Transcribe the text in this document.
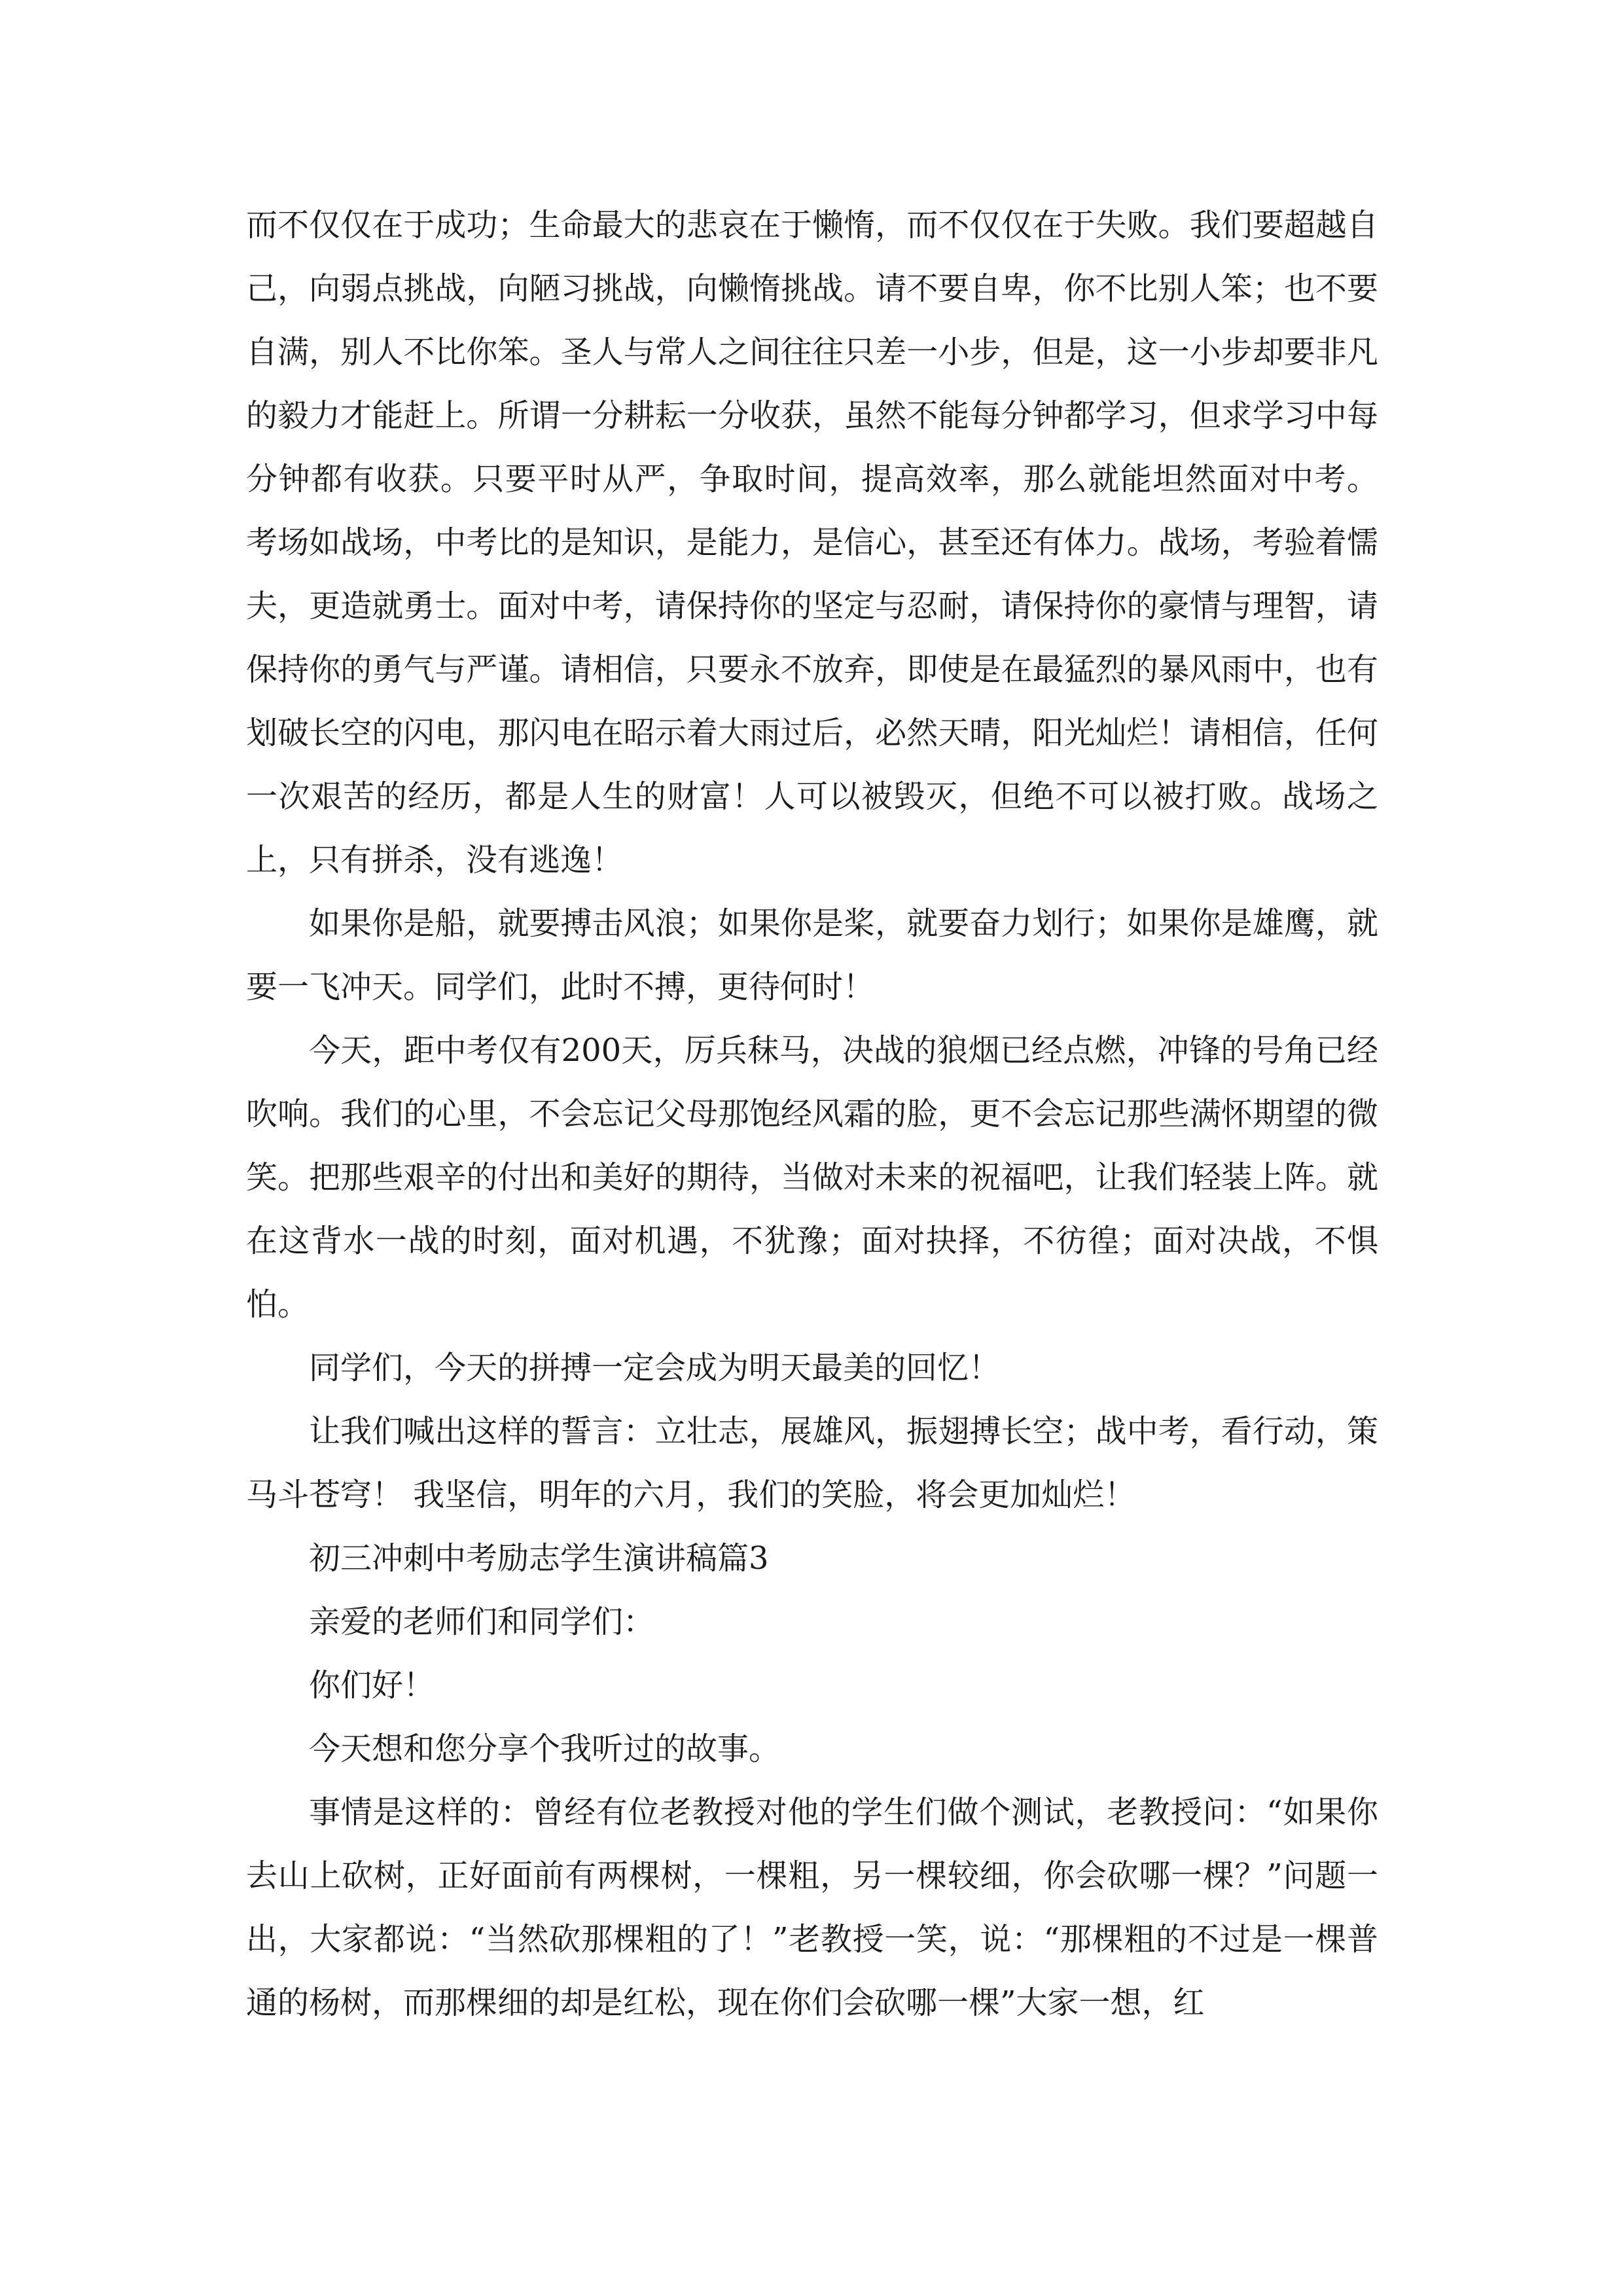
而不仅仅在于成功；生命最大的悲哀在于懒惰，而不仅仅在于失败。我们要超越自己，向弱点挑战，向陋习挑战，向懒惰挑战。请不要自卑，你不比别人笨；也不要自满，别人不比你笨。圣人与常人之间往往只差一小步，但是，这一小步却要非凡的毅力才能赶上。所谓一分耕耘一分收获，虽然不能每分钟都学习，但求学习中每分钟都有收获。只要平时从严，争取时间，提高效率，那么就能坦然面对中考。 考场如战场，中考比的是知识，是能力，是信心，甚至还有体力。战场，考验着懦夫，更造就勇士。面对中考，请保持你的坚定与忍耐，请保持你的豪情与理智，请保持你的勇气与严谨。请相信，只要永不放弃，即使是在最猛烈的暴风雨中，也有划破长空的闪电，那闪电在昭示着大雨过后，必然天晴，阳光灿烂！请相信，任何一次艰苦的经历，都是人生的财富！人可以被毁灭，但绝不可以被打败。战场之上，只有拼杀，没有逃逸！

如果你是船，就要搏击风浪；如果你是桨，就要奋力划行；如果你是雄鹰，就要一飞冲天。同学们，此时不搏，更待何时！

今天，距中考仅有200天，厉兵秣马，决战的狼烟已经点燃，冲锋的号角已经吹响。我们的心里，不会忘记父母那饱经风霜的脸，更不会忘记那些满怀期望的微笑。把那些艰辛的付出和美好的期待，当做对未来的祝福吧，让我们轻装上阵。就在这背水一战的时刻，面对机遇，不犹豫；面对抉择，不彷徨；面对决战，不惧怕。

同学们，今天的拼搏一定会成为明天最美的回忆！

让我们喊出这样的誓言：立壮志，展雄风，振翅搏长空；战中考，看行动，策马斗苍穹！ 我坚信，明年的六月，我们的笑脸，将会更加灿烂！

初三冲刺中考励志学生演讲稿篇3

亲爱的老师们和同学们：

你们好！

今天想和您分享个我听过的故事。

事情是这样的：曾经有位老教授对他的学生们做个测试，老教授问：“如果你去山上砍树，正好面前有两棵树，一棵粗，另一棵较细，你会砍哪一棵？”问题一出，大家都说：“当然砍那棵粗的了！”老教授一笑，说：“那棵粗的不过是一棵普通的杨树，而那棵细的却是红松，现在你们会砍哪一棵”大家一想，红
